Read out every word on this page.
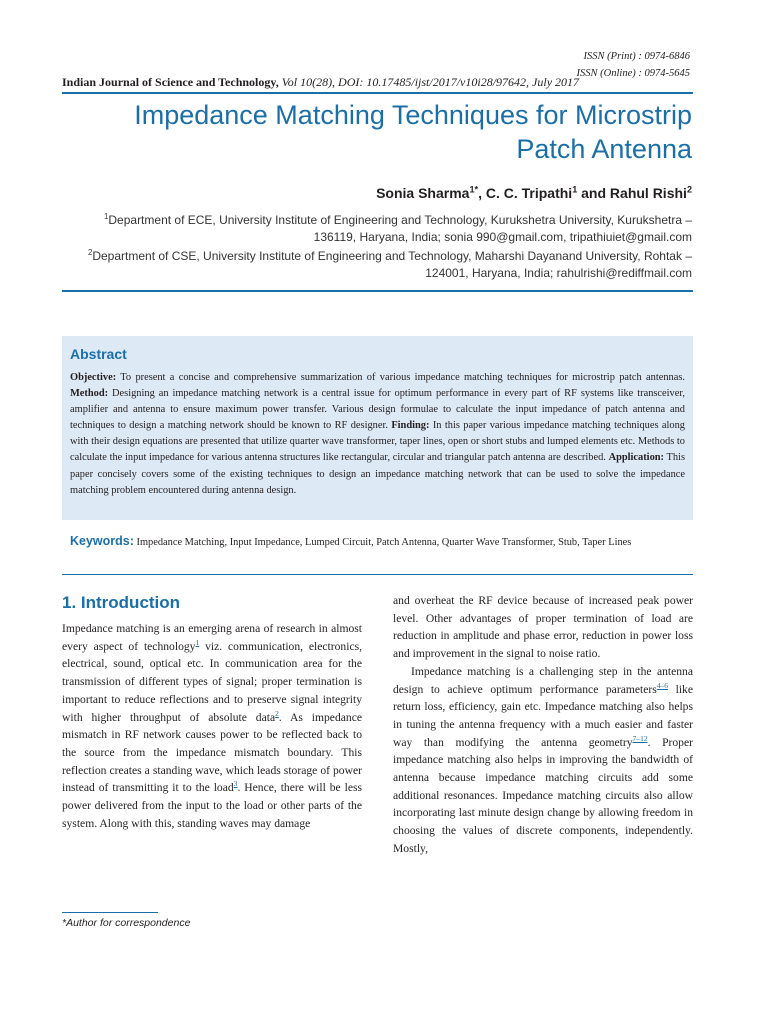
ISSN (Print) : 0974-6846
ISSN (Online) : 0974-5645
Indian Journal of Science and Technology, Vol 10(28), DOI: 10.17485/ijst/2017/v10i28/97642, July 2017
Impedance Matching Techniques for Microstrip Patch Antenna
Sonia Sharma$^{1*}$, C. C. Tripathi$^1$ and Rahul Rishi$^2$
$^1$Department of ECE, University Institute of Engineering and Technology, Kurukshetra University, Kurukshetra –
136119, Haryana, India; sonia 990@gmail.com, tripathiuiet@gmail.com
$^2$Department of CSE, University Institute of Engineering and Technology, Maharshi Dayanand University, Rohtak –
124001, Haryana, India; rahulrishi@rediffmail.com
Abstract

Objective: To present a concise and comprehensive summarization of various impedance matching techniques for microstrip patch antennas. Method: Designing an impedance matching network is a central issue for optimum performance in every part of RF systems like transceiver, amplifier and antenna to ensure maximum power transfer. Various design formulae to calculate the input impedance of patch antenna and techniques to design a matching network should be known to RF designer. Finding: In this paper various impedance matching techniques along with their design equations are presented that utilize quarter wave transformer, taper lines, open or short stubs and lumped elements etc. Methods to calculate the input impedance for various antenna structures like rectangular, circular and triangular patch antenna are described. Application: This paper concisely covers some of the existing techniques to design an impedance matching network that can be used to solve the impedance matching problem encountered during antenna design.

Keywords: Impedance Matching, Input Impedance, Lumped Circuit, Patch Antenna, Quarter Wave Transformer, Stub, Taper Lines
1. Introduction

Impedance matching is an emerging arena of research in almost every aspect of technology$^1$ viz. communication, electronics, electrical, sound, optical etc. In communication area for the transmission of different types of signal; proper termination is important to reduce reflections and to preserve signal integrity with higher throughput of absolute data$^2$. As impedance mismatch in RF network causes power to be reflected back to the source from the impedance mismatch boundary. This reflection creates a standing wave, which leads storage of power instead of transmitting it to the load$^3$. Hence, there will be less power delivered from the input to the load or other parts of the system. Along with this, standing waves may damage

and overheat the RF device because of increased peak power level. Other advantages of proper termination of load are reduction in amplitude and phase error, reduction in power loss and improvement in the signal to noise ratio.

Impedance matching is a challenging step in the antenna design to achieve optimum performance parameters$^{4-6}$ like return loss, efficiency, gain etc. Impedance matching also helps in tuning the antenna frequency with a much easier and faster way than modifying the antenna geometry$^{7-12}$. Proper impedance matching also helps in improving the bandwidth of antenna because impedance matching circuits add some additional resonances. Impedance matching circuits also allow incorporating last minute design change by allowing freedom in choosing the values of discrete components, independently. Mostly,

*Author for correspondence
